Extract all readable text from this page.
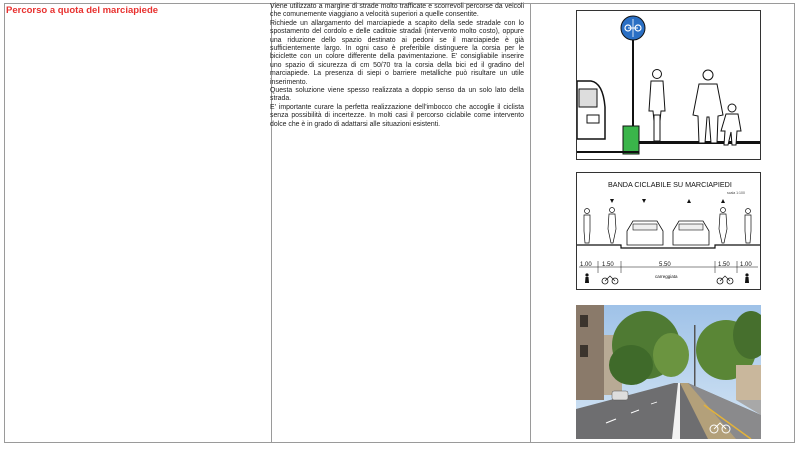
Percorso a quota del marciapiede	Viene utilizzato a margine di strade molto trafficate e scorrevoli percorse da veicoli che comunemente viaggiano a velocità superiori a quelle consentite.

Richiede un allargamento del marciapiede a scapito della sede stradale con lo spostamento del cordolo e delle caditoie stradali (intervento molto costo), oppure una riduzione dello spazio destinato ai pedoni se il marciapiede è già sufficientemente largo. In ogni caso è preferibile distinguere la corsia per le biciclette con un colore differente della pavimentazione. E' consigliabile inserire uno spazio di sicurezza di cm 50/70 tra la corsia della bici ed il gradino del marciapiede. La presenza di siepi o barriere metalliche può risultare un utile inserimento.

Questa soluzione viene spesso realizzata a doppio senso da un solo lato della strada.

E' importante curare la perfetta realizzazione dell'imbocco che accoglie il ciclista senza possibilità di incertezze. In molti casi il percorso ciclabile come intervento dolce che è in grado di adattarsi alle situazioni esistenti.

BANDA CICLABILE SU MARCIAPIEDI
scala 1:100
1.00 1.50	5.50	1.50 1.00
carreggiata
